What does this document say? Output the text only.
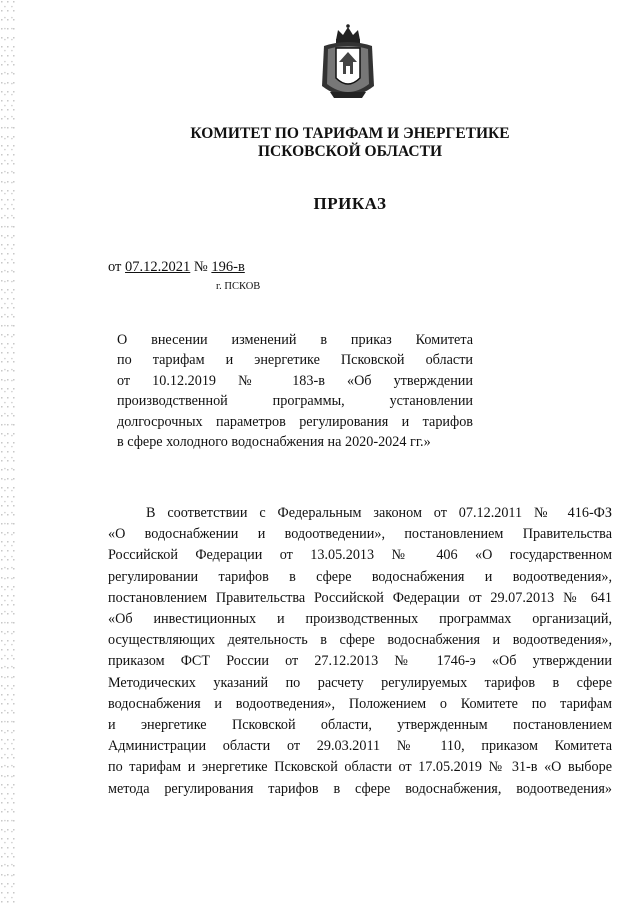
КОМИТЕТ ПО ТАРИФАМ И ЭНЕРГЕТИКЕ
ПСКОВСКОЙ ОБЛАСТИ
ПРИКАЗ
от 07.12.2021 № 196-в
г. ПСКОВ
О внесении изменений в приказ Комитета
по тарифам и энергетике Псковской области
от 10.12.2019 № 183-в «Об утверждении
производственной программы, установлении
долгосрочных параметров регулирования и тарифов
в сфере холодного водоснабжения на 2020-2024 гг.»
В соответствии с Федеральным законом от 07.12.2011 № 416-ФЗ
«О водоснабжении и водоотведении», постановлением Правительства
Российской Федерации от 13.05.2013 № 406 «О государственном
регулировании тарифов в сфере водоснабжения и водоотведения»,
постановлением Правительства Российской Федерации от 29.07.2013 № 641
«Об инвестиционных и производственных программах организаций,
осуществляющих деятельность в сфере водоснабжения и водоотведения»,
приказом ФСТ России от 27.12.2013 № 1746-э «Об утверждении
Методических указаний по расчету регулируемых тарифов в сфере
водоснабжения и водоотведения», Положением о Комитете по тарифам
и энергетике Псковской области, утвержденным постановлением
Администрации области от 29.03.2011 № 110, приказом Комитета
по тарифам и энергетике Псковской области от 17.05.2019 № 31-в «О выборе
метода регулирования тарифов в сфере водоснабжения, водоотведения»
